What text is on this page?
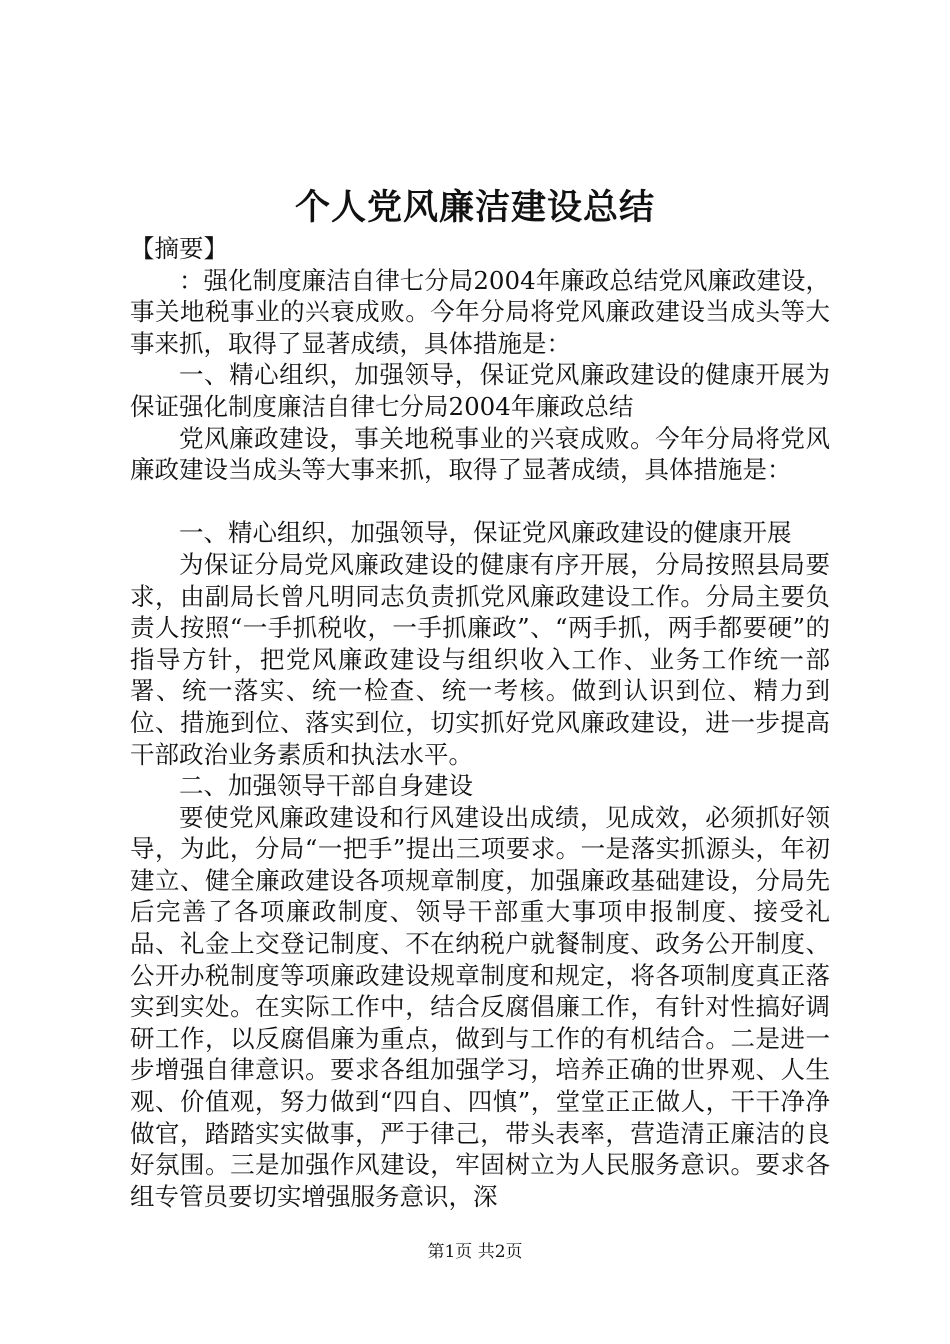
个人党风廉洁建设总结

【摘要】

：强化制度廉洁自律七分局2004年廉政总结党风廉政建设，事关地税事业的兴衰成败。今年分局将党风廉政建设当成头等大事来抓，取得了显著成绩，具体措施是：

一、精心组织，加强领导，保证党风廉政建设的健康开展为保证强化制度廉洁自律七分局2004年廉政总结

党风廉政建设，事关地税事业的兴衰成败。今年分局将党风廉政建设当成头等大事来抓，取得了显著成绩，具体措施是：

一、精心组织，加强领导，保证党风廉政建设的健康开展

为保证分局党风廉政建设的健康有序开展，分局按照县局要求，由副局长曾凡明同志负责抓党风廉政建设工作。分局主要负责人按照“一手抓税收，一手抓廉政”、“两手抓，两手都要硬”的指导方针，把党风廉政建设与组织收入工作、业务工作统一部署、统一落实、统一检查、统一考核。做到认识到位、精力到位、措施到位、落实到位，切实抓好党风廉政建设，进一步提高干部政治业务素质和执法水平。

二、加强领导干部自身建设

要使党风廉政建设和行风建设出成绩，见成效，必须抓好领导，为此，分局“一把手”提出三项要求。一是落实抓源头，年初建立、健全廉政建设各项规章制度，加强廉政基础建设，分局先后完善了各项廉政制度、领导干部重大事项申报制度、接受礼品、礼金上交登记制度、不在纳税户就餐制度、政务公开制度、公开办税制度等项廉政建设规章制度和规定，将各项制度真正落实到实处。在实际工作中，结合反腐倡廉工作，有针对性搞好调研工作，以反腐倡廉为重点，做到与工作的有机结合。二是进一步增强自律意识。要求各组加强学习，培养正确的世界观、人生观、价值观，努力做到“四自、四慎”，堂堂正正做人，干干净净做官，踏踏实实做事，严于律己，带头表率，营造清正廉洁的良好氛围。三是加强作风建设，牢固树立为人民服务意识。要求各组专管员要切实增强服务意识，深

第1页 共2页
